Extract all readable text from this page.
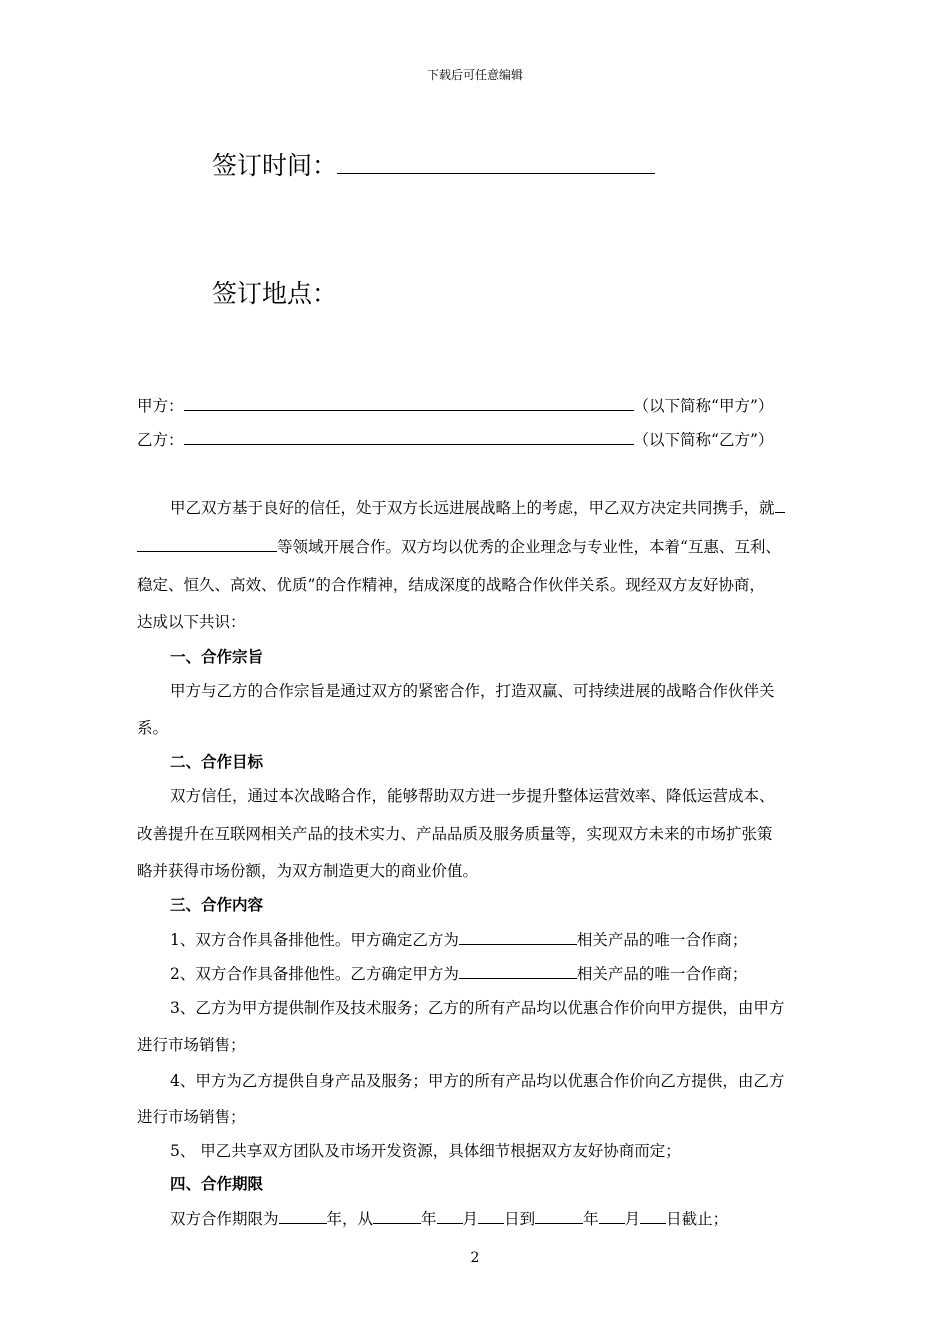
下载后可任意编辑
签订时间：
签订地点：
甲方：	（以下简称“甲方”）
乙方：	（以下简称“乙方”）
甲乙双方基于良好的信任，处于双方长远进展战略上的考虑，甲乙双方决定共同携手，就
等领域开展合作。双方均以优秀的企业理念与专业性，本着“互惠、互利、
稳定、恒久、高效、优质”的合作精神，结成深度的战略合作伙伴关系。现经双方友好协商，
达成以下共识：
一、合作宗旨
甲方与乙方的合作宗旨是通过双方的紧密合作，打造双赢、可持续进展的战略合作伙伴关
系。
二、合作目标
双方信任，通过本次战略合作，能够帮助双方进一步提升整体运营效率、降低运营成本、
改善提升在互联网相关产品的技术实力、产品品质及服务质量等，实现双方未来的市场扩张策
略并获得市场份额，为双方制造更大的商业价值。
三、合作内容
1、双方合作具备排他性。甲方确定乙方为	相关产品的唯一合作商；
2、双方合作具备排他性。乙方确定甲方为	相关产品的唯一合作商；
3、乙方为甲方提供制作及技术服务；乙方的所有产品均以优惠合作价向甲方提供，由甲方
进行市场销售；
4、甲方为乙方提供自身产品及服务；甲方的所有产品均以优惠合作价向乙方提供，由乙方
进行市场销售；
5、 甲乙共享双方团队及市场开发资源，具体细节根据双方友好协商而定；
四、合作期限
双方合作期限为	年，从	年 月 日到	年 月 日截止；
2
